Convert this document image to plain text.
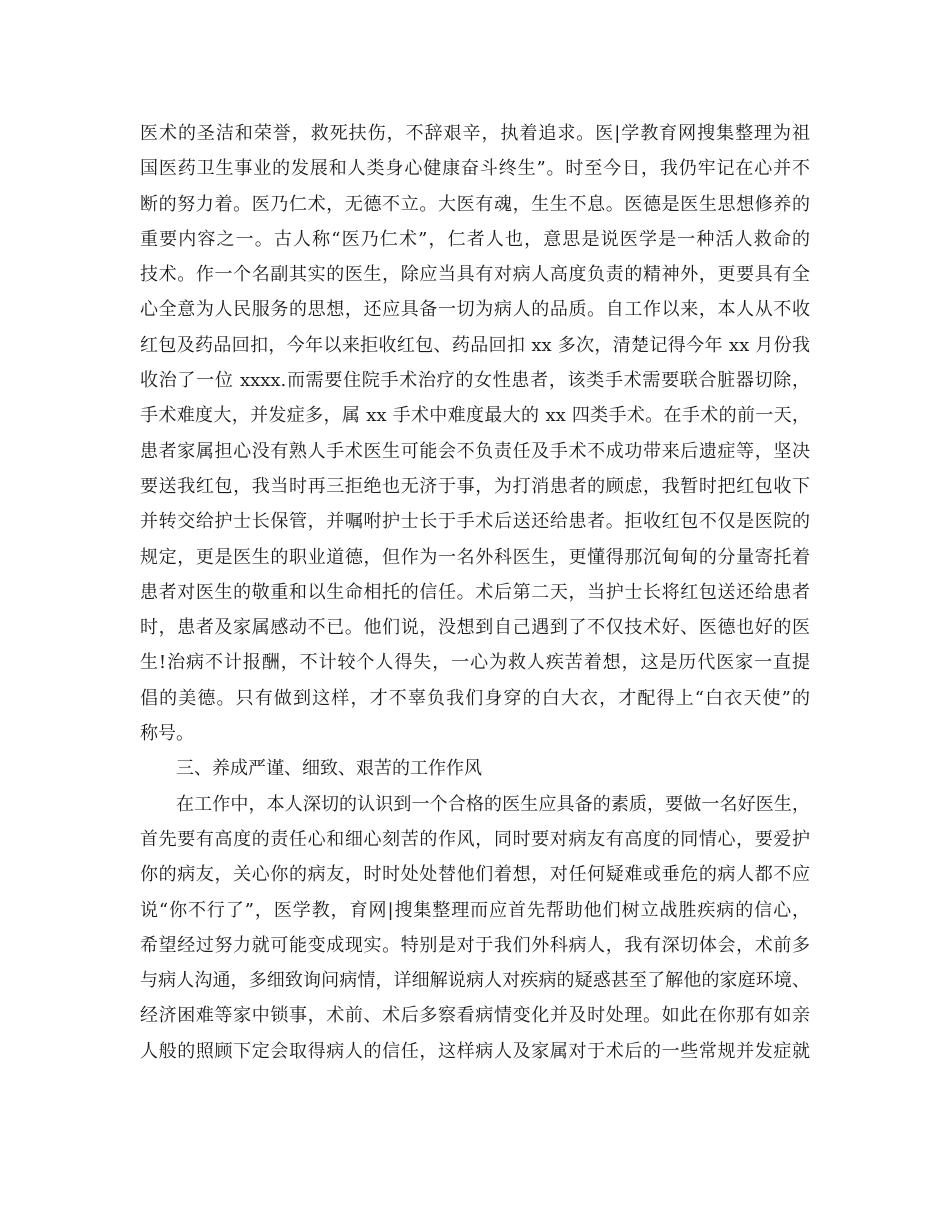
医术的圣洁和荣誉，救死扶伤，不辞艰辛，执着追求。医|学教育网搜集整理为祖
国医药卫生事业的发展和人类身心健康奋斗终生”。时至今日，我仍牢记在心并不
断的努力着。医乃仁术，无德不立。大医有魂，生生不息。医德是医生思想修养的
重要内容之一。古人称“医乃仁术”，仁者人也，意思是说医学是一种活人救命的
技术。作一个名副其实的医生，除应当具有对病人高度负责的精神外，更要具有全
心全意为人民服务的思想，还应具备一切为病人的品质。自工作以来，本人从不收
红包及药品回扣，今年以来拒收红包、药品回扣 xx 多次，清楚记得今年 xx 月份我
收治了一位 xxxx.而需要住院手术治疗的女性患者，该类手术需要联合脏器切除，
手术难度大，并发症多，属 xx 手术中难度最大的 xx 四类手术。在手术的前一天，
患者家属担心没有熟人手术医生可能会不负责任及手术不成功带来后遗症等，坚决
要送我红包，我当时再三拒绝也无济于事，为打消患者的顾虑，我暂时把红包收下
并转交给护士长保管，并嘱咐护士长于手术后送还给患者。拒收红包不仅是医院的
规定，更是医生的职业道德，但作为一名外科医生，更懂得那沉甸甸的分量寄托着
患者对医生的敬重和以生命相托的信任。术后第二天，当护士长将红包送还给患者
时，患者及家属感动不已。他们说，没想到自己遇到了不仅技术好、医德也好的医
生!治病不计报酬，不计较个人得失，一心为救人疾苦着想，这是历代医家一直提
倡的美德。只有做到这样，才不辜负我们身穿的白大衣，才配得上“白衣天使”的
称号。
三、养成严谨、细致、艰苦的工作作风
在工作中，本人深切的认识到一个合格的医生应具备的素质，要做一名好医生，
首先要有高度的责任心和细心刻苦的作风，同时要对病友有高度的同情心，要爱护
你的病友，关心你的病友，时时处处替他们着想，对任何疑难或垂危的病人都不应
说“你不行了”，医学教，育网|搜集整理而应首先帮助他们树立战胜疾病的信心，
希望经过努力就可能变成现实。特别是对于我们外科病人，我有深切体会，术前多
与病人沟通，多细致询问病情，详细解说病人对疾病的疑惑甚至了解他的家庭环境、
经济困难等家中锁事，术前、术后多察看病情变化并及时处理。如此在你那有如亲
人般的照顾下定会取得病人的信任，这样病人及家属对于术后的一些常规并发症就
